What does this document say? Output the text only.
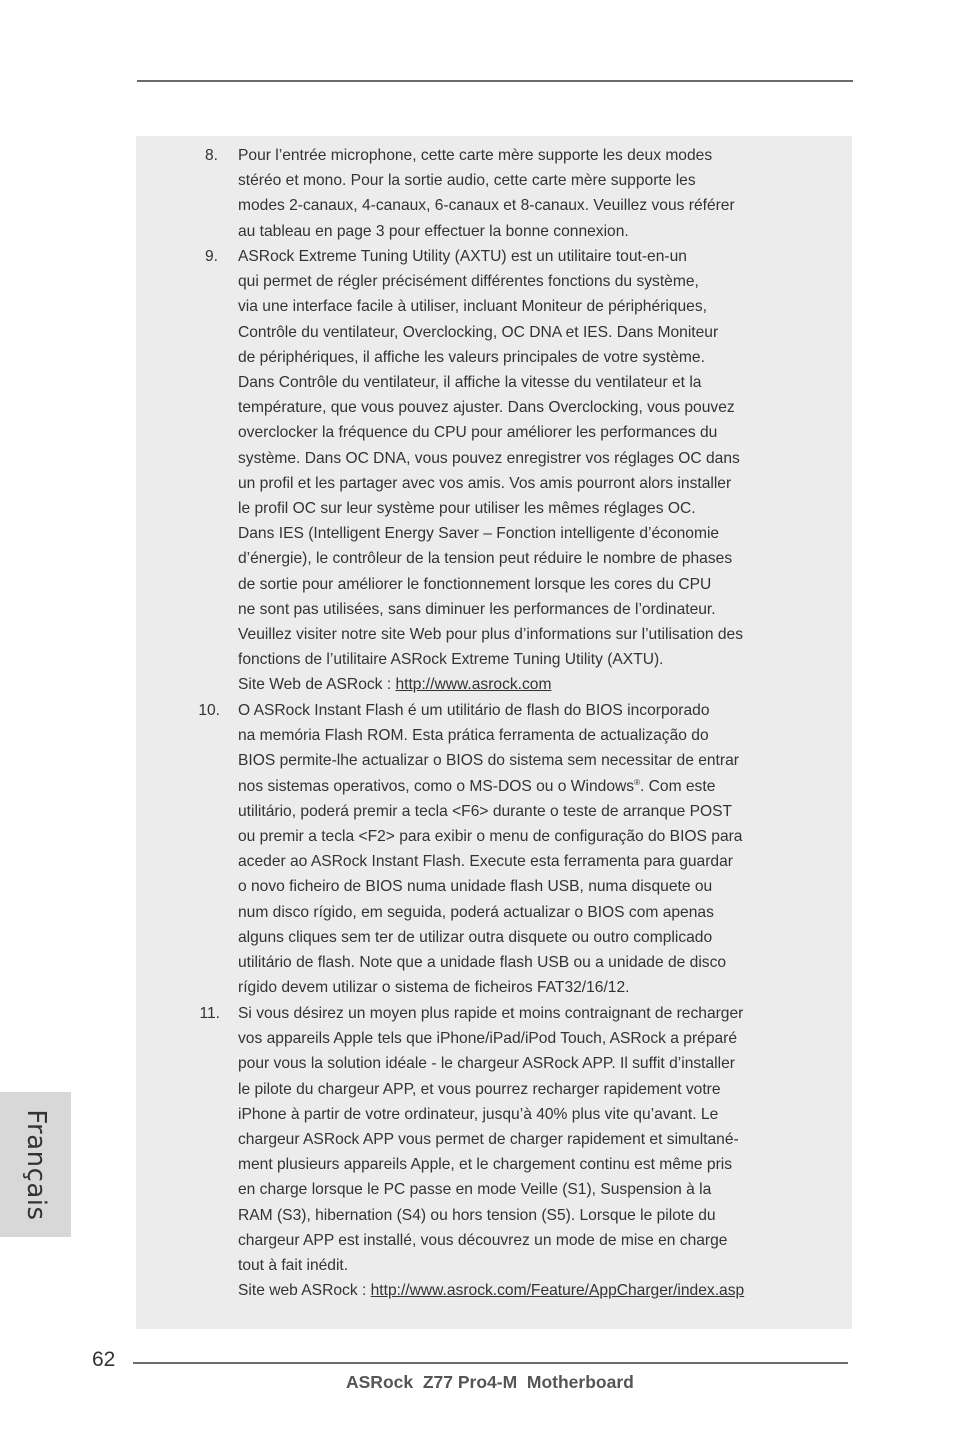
8. Pour l’entrée microphone, cette carte mère supporte les deux modes
stéréo et mono. Pour la sortie audio, cette carte mère supporte les
modes 2-canaux, 4-canaux, 6-canaux et 8-canaux. Veuillez vous référer
au tableau en page 3 pour effectuer la bonne connexion.
9. ASRock Extreme Tuning Utility (AXTU) est un utilitaire tout-en-un
qui permet de régler précisément différentes fonctions du système,
via une interface facile à utiliser, incluant Moniteur de périphériques,
Contrôle du ventilateur, Overclocking, OC DNA et IES. Dans Moniteur
de périphériques, il affiche les valeurs principales de votre système.
Dans Contrôle du ventilateur, il affiche la vitesse du ventilateur et la
température, que vous pouvez ajuster. Dans Overclocking, vous pouvez
overclocker la fréquence du CPU pour améliorer les performances du
système. Dans OC DNA, vous pouvez enregistrer vos réglages OC dans
un profil et les partager avec vos amis. Vos amis pourront alors installer
le profil OC sur leur système pour utiliser les mêmes réglages OC.
Dans IES (Intelligent Energy Saver – Fonction intelligente d’économie
d’énergie), le contrôleur de la tension peut réduire le nombre de phases
de sortie pour améliorer le fonctionnement lorsque les cores du CPU
ne sont pas utilisées, sans diminuer les performances de l’ordinateur.
Veuillez visiter notre site Web pour plus d’informations sur l’utilisation des
fonctions de l’utilitaire ASRock Extreme Tuning Utility (AXTU).
Site Web de ASRock : http://www.asrock.com
10. O ASRock Instant Flash é um utilitário de flash do BIOS incorporado
na memória Flash ROM. Esta prática ferramenta de actualização do
BIOS permite-lhe actualizar o BIOS do sistema sem necessitar de entrar
nos sistemas operativos, como o MS-DOS ou o Windows®. Com este
utilitário, poderá premir a tecla <F6> durante o teste de arranque POST
ou premir a tecla <F2> para exibir o menu de configuração do BIOS para
aceder ao ASRock Instant Flash. Execute esta ferramenta para guardar
o novo ficheiro de BIOS numa unidade flash USB, numa disquete ou
num disco rígido, em seguida, poderá actualizar o BIOS com apenas
alguns cliques sem ter de utilizar outra disquete ou outro complicado
utilitário de flash. Note que a unidade flash USB ou a unidade de disco
rígido devem utilizar o sistema de ficheiros FAT32/16/12.
11. Si vous désirez un moyen plus rapide et moins contraignant de recharger
vos appareils Apple tels que iPhone/iPad/iPod Touch, ASRock a préparé
pour vous la solution idéale - le chargeur ASRock APP. Il suffit d’installer
le pilote du chargeur APP, et vous pourrez recharger rapidement votre
iPhone à partir de votre ordinateur, jusqu’à 40% plus vite qu’avant. Le
chargeur ASRock APP vous permet de charger rapidement et simultané-
ment plusieurs appareils Apple, et le chargement continu est même pris
en charge lorsque le PC passe en mode Veille (S1), Suspension à la
RAM (S3), hibernation (S4) ou hors tension (S5). Lorsque le pilote du
chargeur APP est installé, vous découvrez un mode de mise en charge
tout à fait inédit.
Site web ASRock : http://www.asrock.com/Feature/AppCharger/index.asp
Français
62
ASRock  Z77 Pro4-M  Motherboard
